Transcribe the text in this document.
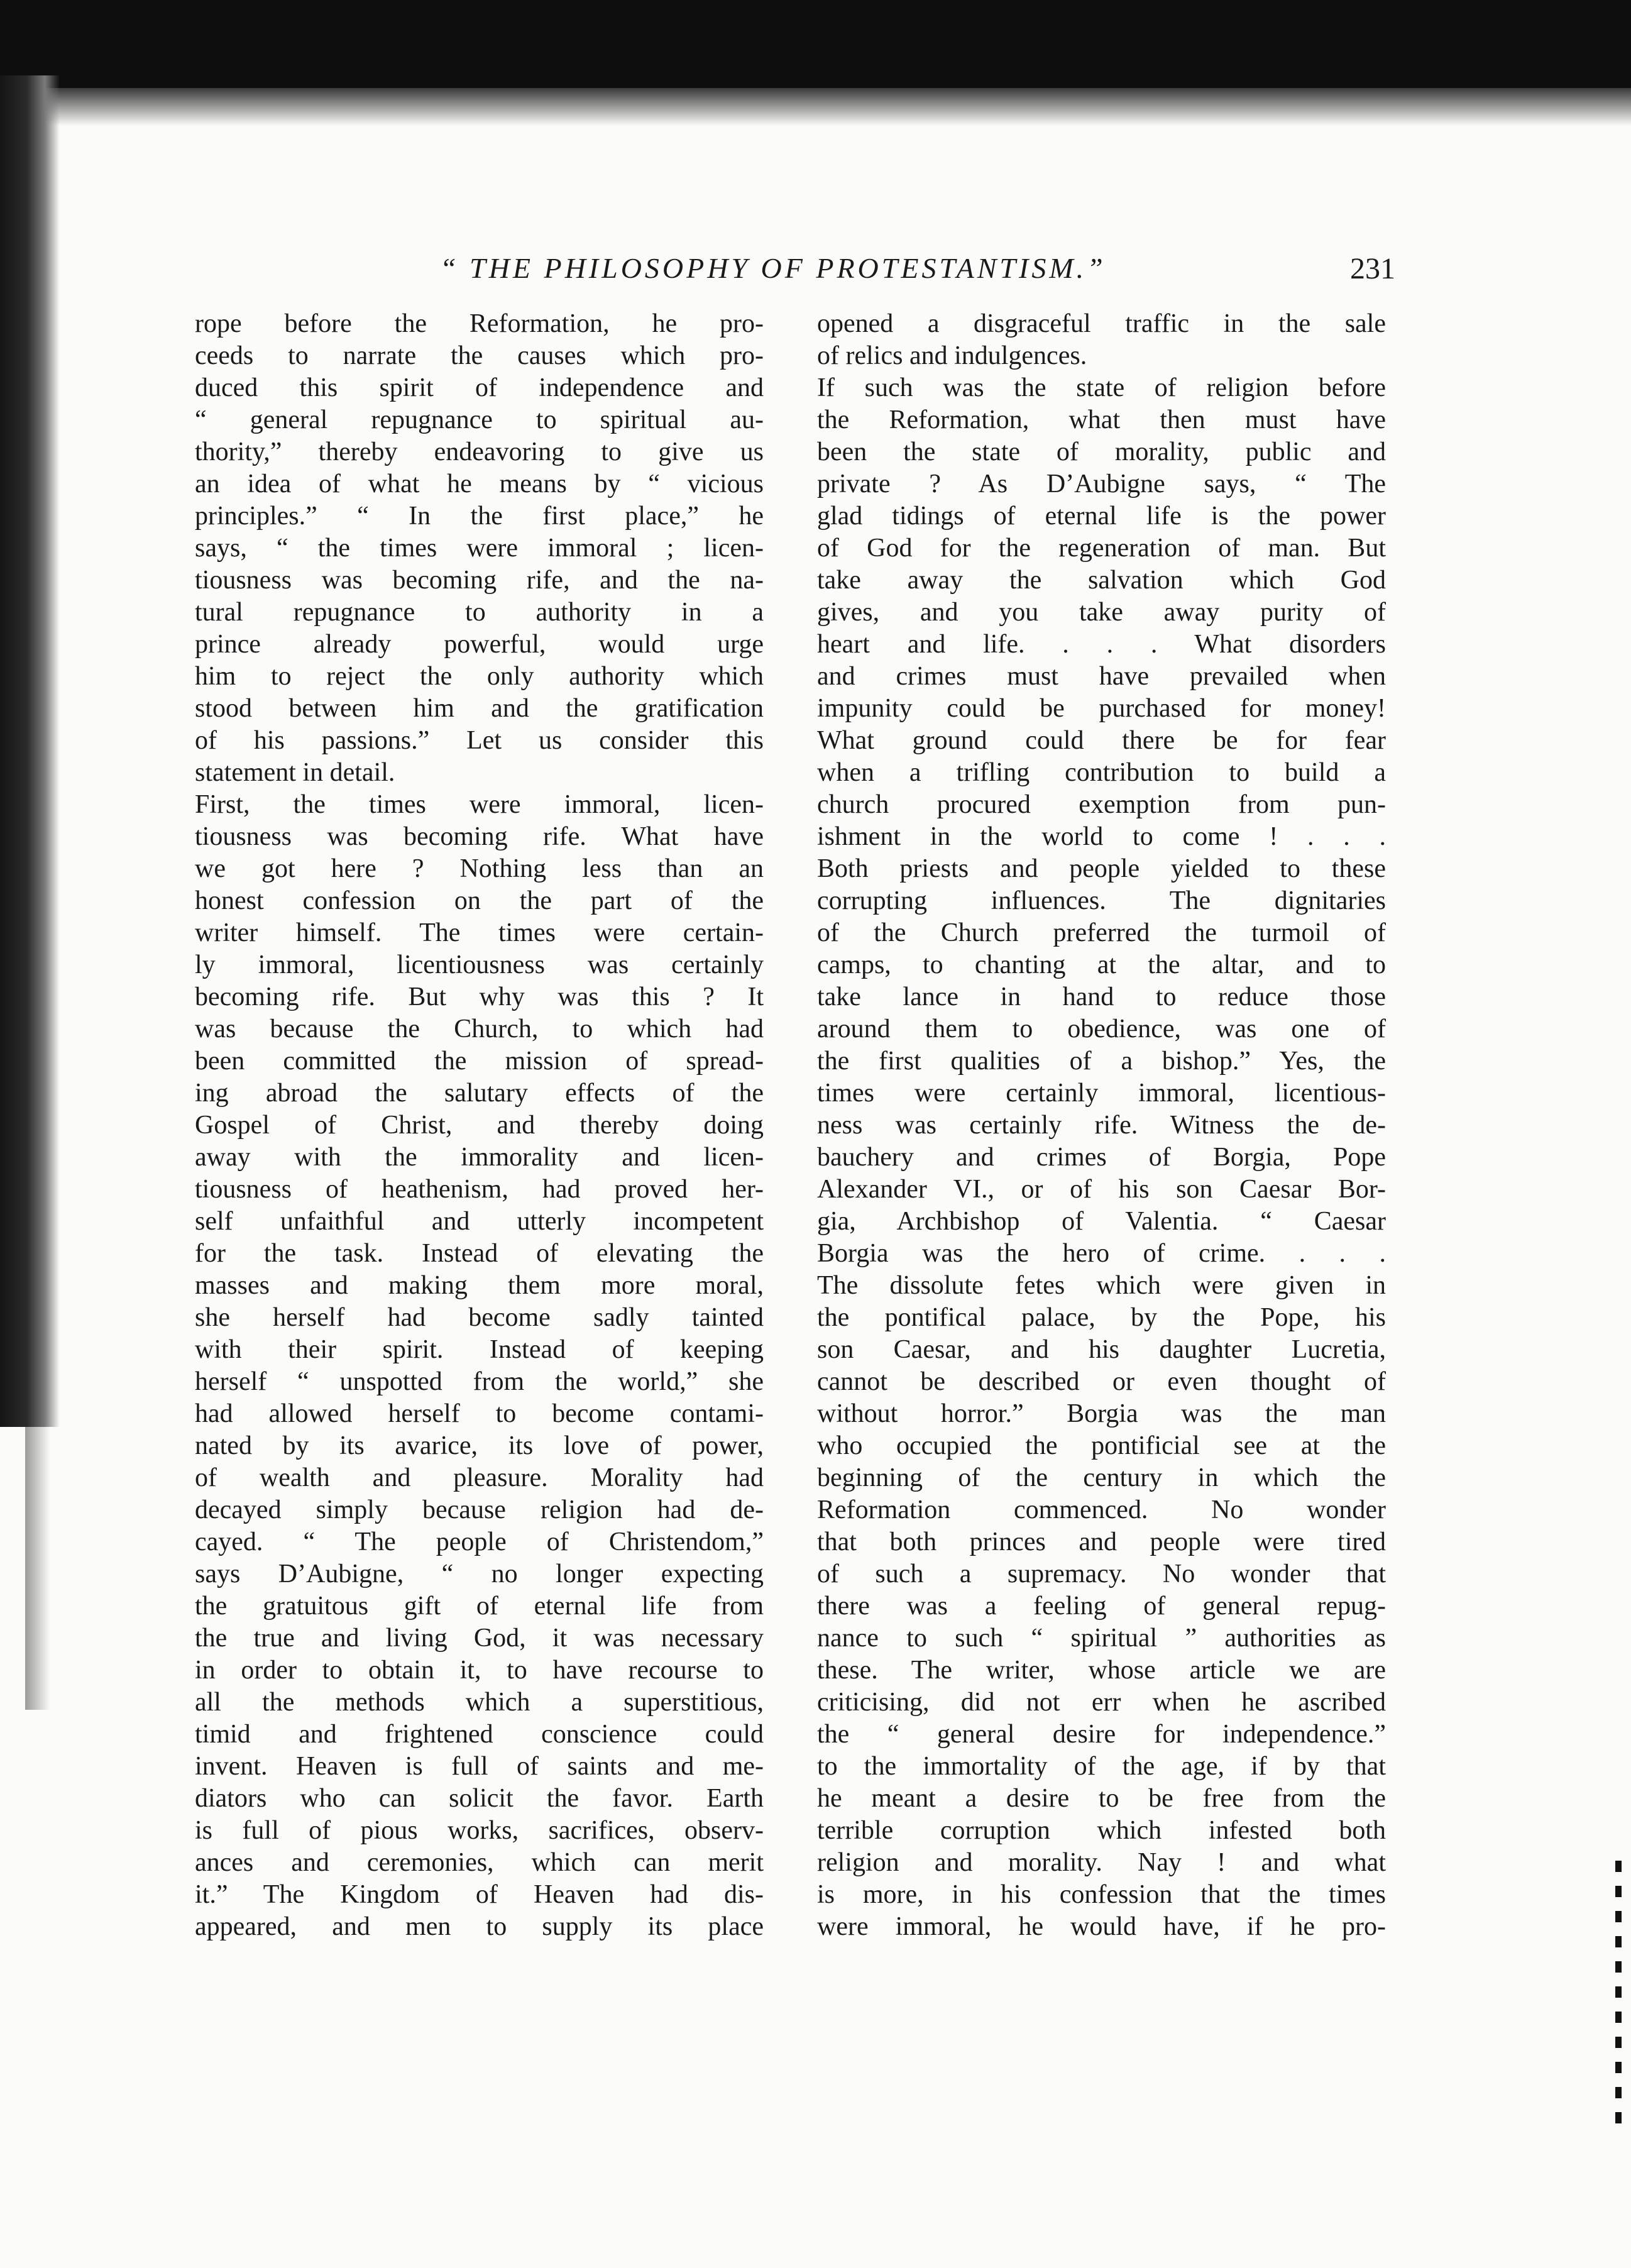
“ THE PHILOSOPHY OF PROTESTANTISM.”	231
rope before the Reformation, he pro-
ceeds to narrate the causes which pro-
duced this spirit of independence and
“ general repugnance to spiritual au-
thority,” thereby endeavoring to give us
an idea of what he means by “ vicious
principles.” “ In the first place,” he
says, “ the times were immoral ; licen-
tiousness was becoming rife, and the na-
tural repugnance to authority in a
prince already powerful, would urge
him to reject the only authority which
stood between him and the gratification
of his passions.” Let us consider this
statement in detail.
First, the times were immoral, licen-
tiousness was becoming rife. What have
we got here ? Nothing less than an
honest confession on the part of the
writer himself. The times were certain-
ly immoral, licentiousness was certainly
becoming rife. But why was this ? It
was because the Church, to which had
been committed the mission of spread-
ing abroad the salutary effects of the
Gospel of Christ, and thereby doing
away with the immorality and licen-
tiousness of heathenism, had proved her-
self unfaithful and utterly incompetent
for the task. Instead of elevating the
masses and making them more moral,
she herself had become sadly tainted
with their spirit. Instead of keeping
herself “ unspotted from the world,” she
had allowed herself to become contami-
nated by its avarice, its love of power,
of wealth and pleasure. Morality had
decayed simply because religion had de-
cayed. “ The people of Christendom,”
says D’Aubigne, “ no longer expecting
the gratuitous gift of eternal life from
the true and living God, it was necessary
in order to obtain it, to have recourse to
all the methods which a superstitious,
timid and frightened conscience could
invent. Heaven is full of saints and me-
diators who can solicit the favor. Earth
is full of pious works, sacrifices, observ-
ances and ceremonies, which can merit
it.” The Kingdom of Heaven had dis-
appeared, and men to supply its place
opened a disgraceful traffic in the sale
of relics and indulgences.
If such was the state of religion before
the Reformation, what then must have
been the state of morality, public and
private ? As D’Aubigne says, “ The
glad tidings of eternal life is the power
of God for the regeneration of man. But
take away the salvation which God
gives, and you take away purity of
heart and life. . . . What disorders
and crimes must have prevailed when
impunity could be purchased for money!
What ground could there be for fear
when a trifling contribution to build a
church procured exemption from pun-
ishment in the world to come ! . . .
Both priests and people yielded to these
corrupting influences. The dignitaries
of the Church preferred the turmoil of
camps, to chanting at the altar, and to
take lance in hand to reduce those
around them to obedience, was one of
the first qualities of a bishop.” Yes, the
times were certainly immoral, licentious-
ness was certainly rife. Witness the de-
bauchery and crimes of Borgia, Pope
Alexander VI., or of his son Caesar Bor-
gia, Archbishop of Valentia. “ Caesar
Borgia was the hero of crime. . . .
The dissolute fetes which were given in
the pontifical palace, by the Pope, his
son Caesar, and his daughter Lucretia,
cannot be described or even thought of
without horror.” Borgia was the man
who occupied the pontificial see at the
beginning of the century in which the
Reformation commenced. No wonder
that both princes and people were tired
of such a supremacy. No wonder that
there was a feeling of general repug-
nance to such “ spiritual ” authorities as
these. The writer, whose article we are
criticising, did not err when he ascribed
the “ general desire for independence.”
to the immortality of the age, if by that
he meant a desire to be free from the
terrible corruption which infested both
religion and morality. Nay ! and what
is more, in his confession that the times
were immoral, he would have, if he pro-
